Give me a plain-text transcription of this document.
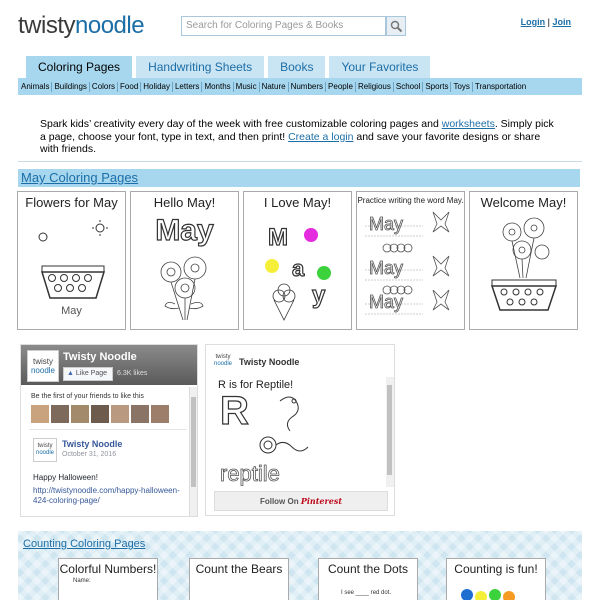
twistynoodle	Search for Coloring Pages & Books	Login | Join
Coloring Pages	Handwriting Sheets	Books	Your Favorites
Animals Buildings Colors Food Holiday Letters Months Music Nature Numbers People Religious School Sports Toys Transportation
Spark kids’ creativity every day of the week with free customizable coloring pages and worksheets. Simply pick a page, choose your font, type in text, and then print! Create a login and save your favorite designs or share with friends.
May Coloring Pages
Flowers for May
May
Hello May!
May
I Love May!
M
a
y
Practice writing the word May.
May
May
May
Welcome May!
twisty
noodle
Twisty Noodle
▲ Like Page	6.3K likes
Be the first of your friends to like this
twisty
noodle
Twisty Noodle
October 31, 2016
Happy Halloween!
http://twistynoodle.com/happy-halloween-424-coloring-page/
twisty
noodle Twisty Noodle
R is for Reptile!
R
reptile
Follow On Pinterest
Counting Coloring Pages
Colorful Numbers!
Name:
Count the Bears	Count the Dots
I see ____ red dot.
Counting is fun!
